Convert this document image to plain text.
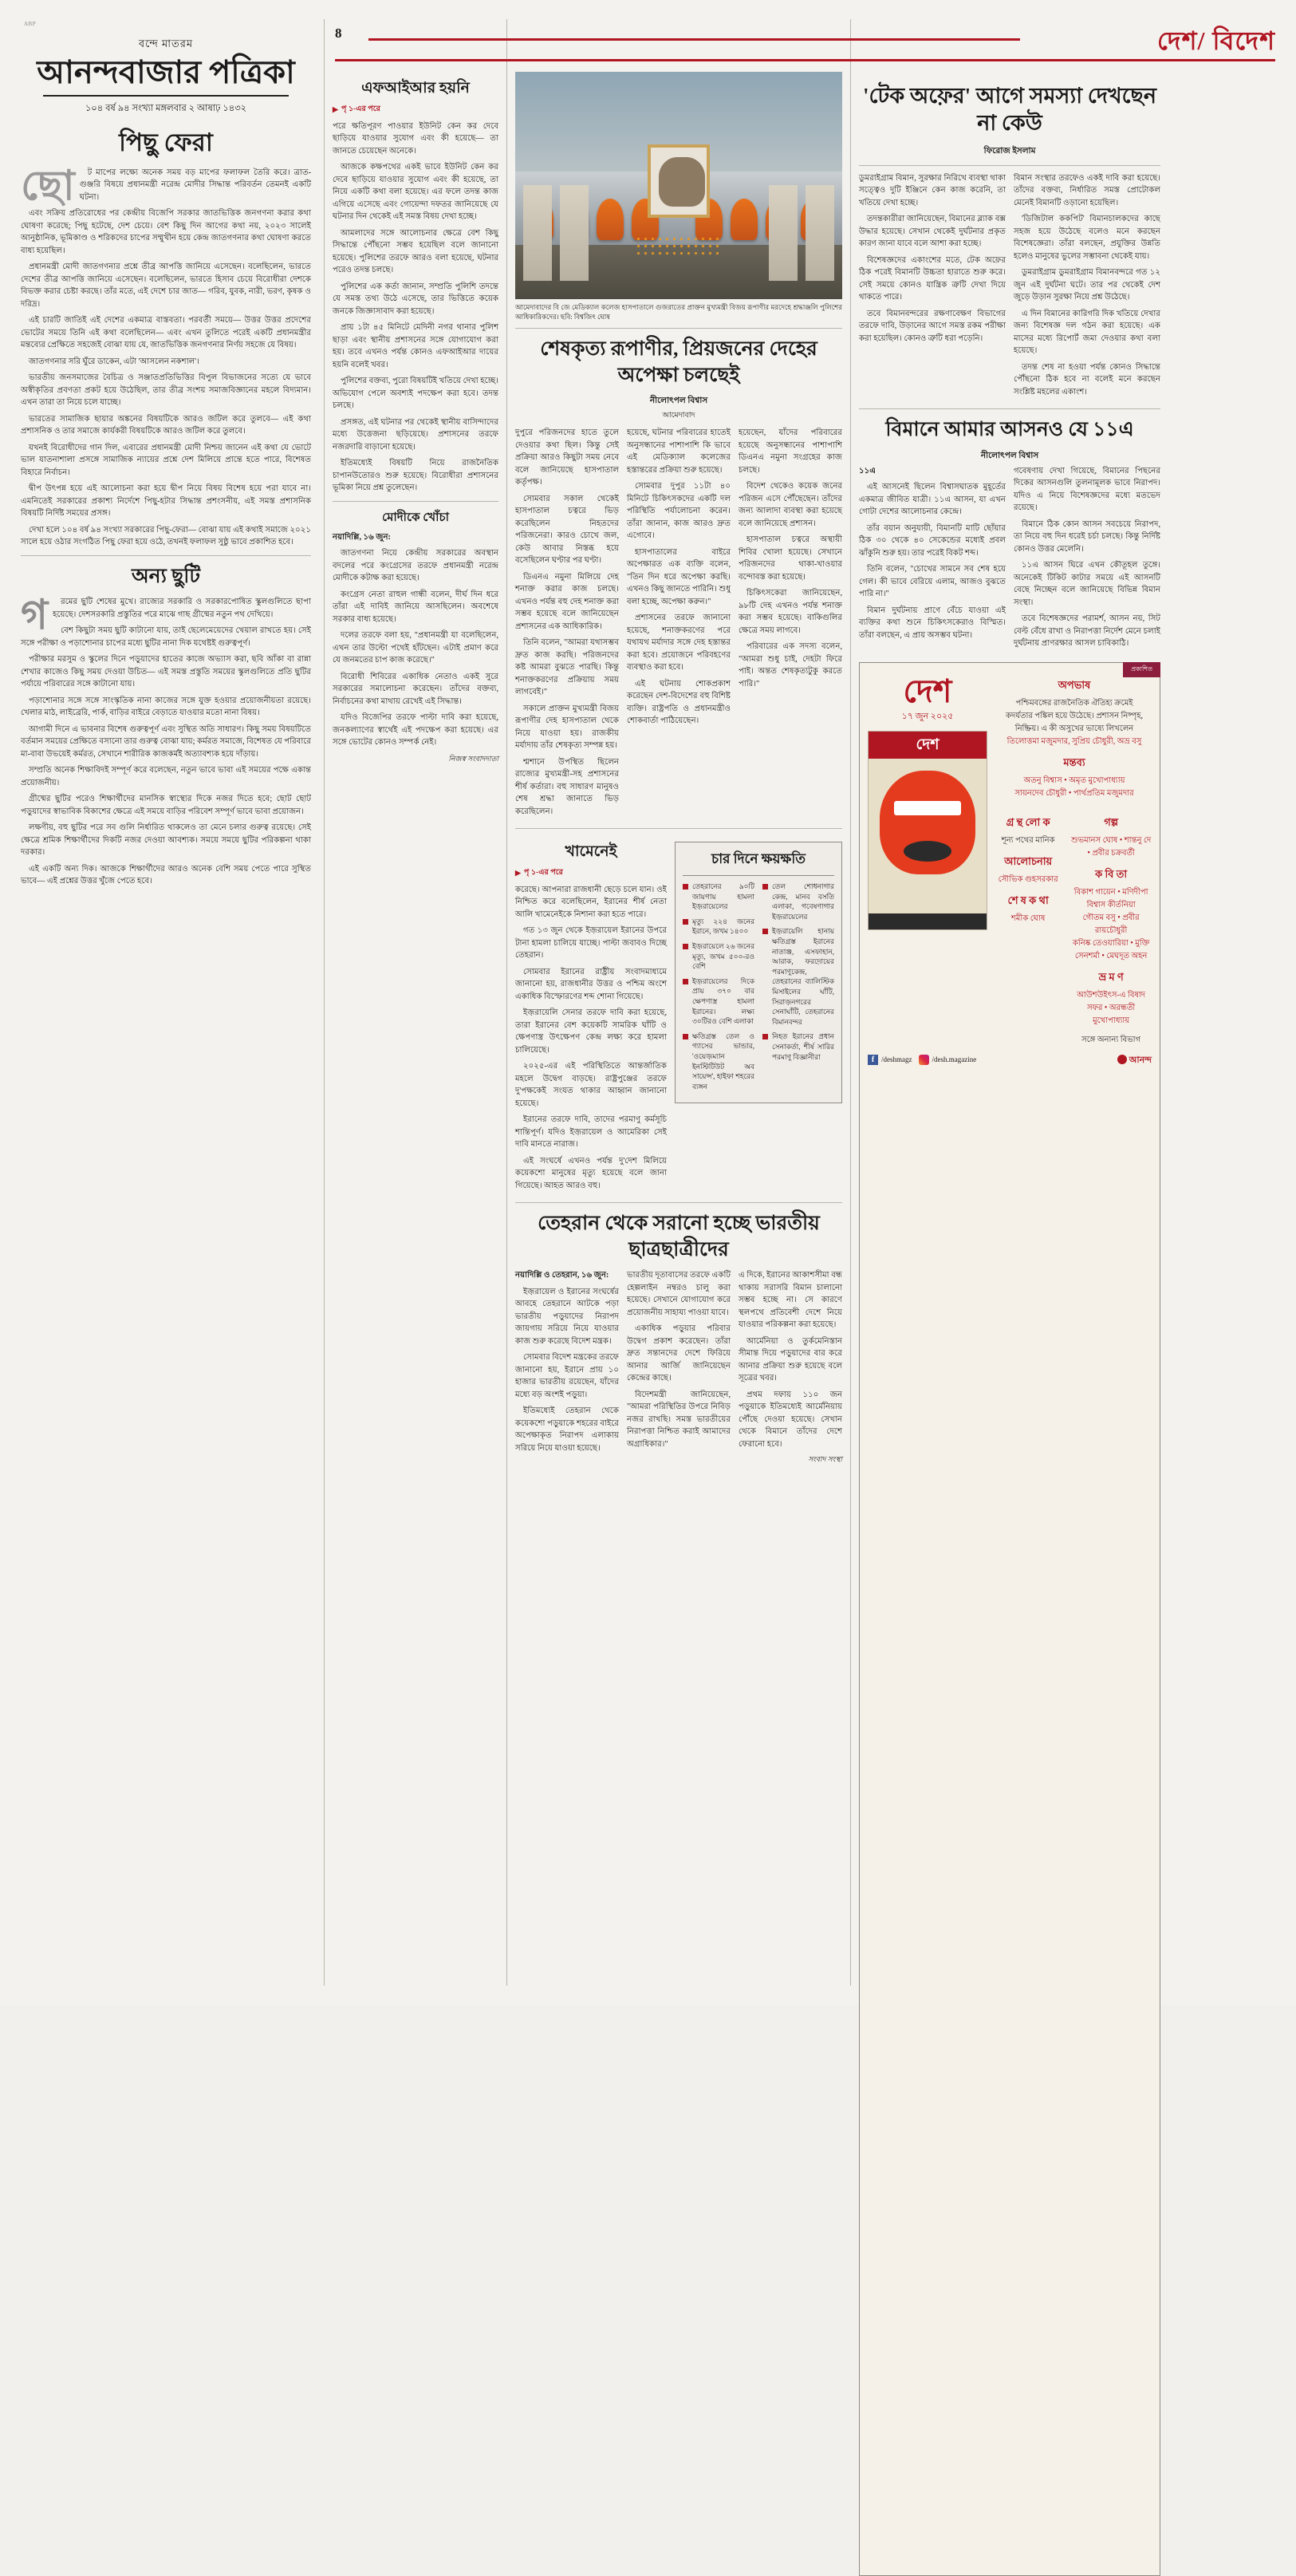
ABP
8	দেশ/ বিদেশ
বন্দে মাতরম
আনন্দবাজার পত্রিকা
১০৪ বর্ষ ৯৪ সংখ্যা মঙ্গলবার ২ আষাঢ় ১৪৩২
পিছু ফেরা
ছো	ট মাপের লক্ষ্যে অনেক সময় বড় মাপের ফলাফল তৈরি করে। ত্রাত-গুঞ্জরি বিষয়ে প্রধানমন্ত্রী নরেন্দ্র মোদীর সিদ্ধান্ত পরিবর্তন তেমনই একটি ঘটনা।

এবং সক্রিয় প্রতিরোধের পর কেন্দ্রীয় বিজেপি সরকার জাতভিত্তিক জনগণনা করার কথা ঘোষণা করেছে; পিছু হটেছে, দেশ চেয়ে। বেশ কিছু দিন আগের কথা নয়, ২০২৩ সালেই আনুষ্ঠানিক, ভূমিকাণ্ড ও শরিকদের চাপের সম্মুখীন হয়ে কেন্দ্র জাতগণনার কথা ঘোষণা করতে বাধ্য হয়েছিল।

প্রধানমন্ত্রী মোদী জাতগণনার প্রশ্নে তীব্র আপত্তি জানিয়ে এসেছেন। বলেছিলেন, ভারতে দেশের তীব্র আপত্তি জানিয়ে এসেছেন। বলেছিলেন, ভারতে হিসাব চেয়ে বিরোধীরা দেশকে বিভক্ত করার চেষ্টা করছে। তাঁর মতে, এই দেশে চার জাত— গরিব, যুবক, নারী, ভরণ, কৃষক ও দরিদ্র।

এই চারটি জাতিই এই দেশের একমাত্র বাস্তবতা। পরবর্তী সময়ে— উত্তর উত্তর প্রদেশের ভোটের সময়ে তিনি এই কথা বলেছিলেন— এবং এখন তুলিতে পরেই একটি প্রধানমন্ত্রীর মন্তব্যের প্রেক্ষিতে সহজেই বোঝা যায় যে, জাতভিত্তিক জনগণনার নির্ণয় সহজে যে বিষয়।

জাতগণনার সরি ঘুঁরে ডাকেন, এটা 'আসলেন নকশাল'।

ভারতীয় জনসমাজের বৈচিত্র ও সঞ্জাতপ্রতিভিত্তির বিপুল বিভাজনের সত্যে যে ভাবে অস্বীকৃতির প্রবণতা প্রকট হয়ে উঠেছিল, তার তীব্র সংশয় সমাজবিজ্ঞানের মহলে বিদ্যমান। এখন তারা তা নিয়ে চলে যাচ্ছে।

ভারতের সামাজিক ছায়ার অঙ্কনের বিষয়টিকে আরও জটিল করে তুলবে— এই কথা প্রশাসনিক ও তার সমাজে কার্যকরী বিষয়টিকে আরও জটিল করে তুলবে।

যখনই বিরোধীদের গান দিল, এবারের প্রধানমন্ত্রী মোদী নিশ্চয় জানেন এই কথা যে ভোটে ভাল যাতনাশালা প্রসঙ্গে সামাজিক ন্যায়ের প্রশ্নে দেশ মিলিয়ে প্রান্তে হতে পারে, বিশেষত বিহারে নির্বাচন।

দ্বীপ উৎপন্ন হয়ে এই আলোচনা করা হয়ে দ্বীপ নিয়ে বিষয় বিশেষ হয়ে পরা যাবে না। এমনিতেই সরকারের প্রকাশ্য নির্দেশে পিছু-হটার সিদ্ধান্ত প্রশংসনীয়, এই সমস্ত প্রশাসনিক বিষয়টি নির্দিষ্ট সময়ের প্রসঙ্গ।

দেখা হলে ১০৪ বর্ষ ৯৪ সংখ্যা সরকারের পিছু-ফেরা— বোঝা যায় এই কথাই সমাজে ২০২১ সালে হয়ে ওঠার সংগঠিত পিছু ফেরা হয়ে ওঠে, তখনই ফলাফল সুষ্ঠু ভাবে প্রকাশিত হবে।

অন্য ছুটি
গ	রমের ছুটি শেষের মুখে। রাজ্যের সরকারি ও সরকারপোষিত স্কুলগুলিতে ছাপা হয়েছে। দেশসরকারি প্রস্তুতির পরে মাঝে গাছ গ্রীষ্মের নতুন পথ দেখিয়ে।

বেশ কিছুটা সময় ছুটি কাটানো যায়, তাই ছেলেমেয়েদের খেয়াল রাখতে হয়। সেই সঙ্গে পরীক্ষা ও পড়াশোনার চাপের মধ্যে ছুটির নানা দিক যথেষ্টই গুরুত্বপূর্ণ।

পরীক্ষার মরসুম ও স্কুলের দিনে পড়ুয়াদের হাতের কাজে অভ্যাস করা, ছবি আঁকা বা রান্না শেখার কাজেও কিছু সময় দেওয়া উচিত— এই সমস্ত প্রস্তুতি সময়ের স্কুলগুলিতে প্রতি ছুটির পর্যায়ে পরিবারের সঙ্গে কাটানো যায়।

পড়াশোনার সঙ্গে সঙ্গে সাংস্কৃতিক নানা কাজের সঙ্গে যুক্ত হওয়ার প্রয়োজনীয়তা রয়েছে। খেলার মাঠ, লাইব্রেরি, পার্ক, বাড়ির বাইরে বেড়াতে যাওয়ার মতো নানা বিষয়।

আগামী দিনে এ ভাবনার বিশেষ গুরুত্বপূর্ণ এবং সুস্থিত অতি সাধারণ। কিছু সময় বিষয়টিতে বর্তমান সময়ের প্রেক্ষিতে বসানো তার গুরুত্ব বোঝা যায়; কর্মরত সমাজে, বিশেষত যে পরিবারে মা-বাবা উভয়েই কর্মরত, সেখানে শারীরিক কাজকর্মই অত্যাবশ্যক হয়ে দাঁড়ায়।

সম্প্রতি অনেক শিক্ষাবিদই সম্পূর্ণ করে বলেছেন, নতুন ভাবে ভাবা এই সময়ের পক্ষে একান্ত প্রয়োজনীয়।

গ্রীষ্মের ছুটির পরেও শিক্ষার্থীদের মানসিক স্বাস্থ্যের দিকে নজর দিতে হবে; ছোট ছোট পড়ুয়াদের স্বাভাবিক বিকাশের ক্ষেত্রে এই সময়ে বাড়ির পরিবেশ সম্পূর্ণ ভাবে ভাবা প্রয়োজন।

লক্ষণীয়, বহু ছুটির পরে সব গুলি নির্ধারিত থাকলেও তা মেনে চলার গুরুত্ব রয়েছে। সেই ক্ষেত্রে শ্রমিক শিক্ষার্থীদের দিকটি নজর দেওয়া আবশ্যক। সময়ে সময়ে ছুটির পরিকল্পনা থাকা দরকার।

এই একটি অন্য দিক। আজকে শিক্ষার্থীদের আরও অনেক বেশি সময় পেতে পারে সুস্থিত ভাবে— এই প্রশ্নের উত্তর খুঁজে পেতে হবে।

এফআইআর হয়নি
▶ পৃ ১-এর পরে

পরে ক্ষতিপূরণ পাওয়ার ইউনিট কেন কর দেবে ছাড়িয়ে যাওয়ার সুযোগ এবং কী হয়েছে— তা জানতে চেয়েছেন অনেকে।

আজকে কক্ষপথের একই ভাবে ইউনিট কেন কর দেবে ছাড়িয়ে যাওয়ার সুযোগ এবং কী হয়েছে, তা নিয়ে একটি কথা বলা হয়েছে। এর ফলে তদন্ত কাজ এগিয়ে এসেছে এবং গোয়েন্দা দফতর জানিয়েছে যে ঘটনার দিন থেকেই এই সমস্ত বিষয় দেখা হচ্ছে।

আমলাদের সঙ্গে আলোচনার ক্ষেত্রে বেশ কিছু সিদ্ধান্তে পৌঁছনো সম্ভব হয়েছিল বলে জানানো হয়েছে। পুলিশের তরফে আরও বলা হয়েছে, ঘটনার পরেও তদন্ত চলছে।

পুলিশের এক কর্তা জানান, সম্প্রতি পুলিশি তদন্তে যে সমস্ত তথ্য উঠে এসেছে, তার ভিত্তিতে কয়েক জনকে জিজ্ঞাসাবাদ করা হয়েছে।

প্রায় ১টা ৪৫ মিনিটে মেদিনী নগর থানার পুলিশ ছাড়া এবং স্থানীয় প্রশাসনের সঙ্গে যোগাযোগ করা হয়। তবে এখনও পর্যন্ত কোনও এফআইআর দায়ের হয়নি বলেই খবর।

পুলিশের বক্তব্য, পুরো বিষয়টিই খতিয়ে দেখা হচ্ছে। অভিযোগ পেলে অবশ্যই পদক্ষেপ করা হবে। তদন্ত চলছে।

প্রসঙ্গত, এই ঘটনার পর থেকেই স্থানীয় বাসিন্দাদের মধ্যে উত্তেজনা ছড়িয়েছে। প্রশাসনের তরফে নজরদারি বাড়ানো হয়েছে।

ইতিমধ্যেই বিষয়টি নিয়ে রাজনৈতিক চাপানউতোরও শুরু হয়েছে। বিরোধীরা প্রশাসনের ভূমিকা নিয়ে প্রশ্ন তুলেছেন।

মোদীকে খোঁচা

নয়াদিল্লি, ১৬ জুন:

জাতগণনা নিয়ে কেন্দ্রীয় সরকারের অবস্থান বদলের পরে কংগ্রেসের তরফে প্রধানমন্ত্রী নরেন্দ্র মোদীকে কটাক্ষ করা হয়েছে।

কংগ্রেস নেতা রাহুল গান্ধী বলেন, দীর্ঘ দিন ধরে তাঁরা এই দাবিই জানিয়ে আসছিলেন। অবশেষে সরকার বাধ্য হয়েছে।

দলের তরফে বলা হয়, "প্রধানমন্ত্রী যা বলেছিলেন, এখন তার উল্টো পথেই হাঁটছেন। এটাই প্রমাণ করে যে জনমতের চাপ কাজ করেছে।"

বিরোধী শিবিরের একাধিক নেতাও একই সুরে সরকারের সমালোচনা করেছেন। তাঁদের বক্তব্য, নির্বাচনের কথা মাথায় রেখেই এই সিদ্ধান্ত।

যদিও বিজেপির তরফে পাল্টা দাবি করা হয়েছে, জনকল্যাণের স্বার্থেই এই পদক্ষেপ করা হয়েছে। এর সঙ্গে ভোটের কোনও সম্পর্ক নেই।

নিজস্ব সংবাদদাতা
আমেদাবাদের বি জে মেডিক্যাল কলেজ হাসপাতালে গুজরাতের প্রাক্তন মুখ্যমন্ত্রী বিজয় রূপাণীর মরদেহে শ্রদ্ধাঞ্জলি পুলিশের আধিকারিকদের। ছবি: বিশ্বজিৎ ঘোষ
শেষকৃত্য রূপাণীর, প্রিয়জনের দেহের অপেক্ষা চলছেই
নীলোৎপল বিশ্বাস
আমেদাবাদ

দুপুরে পরিজনদের হাতে তুলে দেওয়ার কথা ছিল। কিন্তু সেই প্রক্রিয়া আরও কিছুটা সময় নেবে বলে জানিয়েছে হাসপাতাল কর্তৃপক্ষ।

সোমবার সকাল থেকেই হাসপাতাল চত্বরে ভিড় করেছিলেন নিহতদের পরিজনেরা। কারও চোখে জল, কেউ আবার নিস্তব্ধ হয়ে বসেছিলেন ঘণ্টার পর ঘণ্টা।

ডিএনএ নমুনা মিলিয়ে দেহ শনাক্ত করার কাজ চলছে। এখনও পর্যন্ত বহু দেহ শনাক্ত করা সম্ভব হয়েছে বলে জানিয়েছেন প্রশাসনের এক আধিকারিক।

তিনি বলেন, "আমরা যথাসম্ভব দ্রুত কাজ করছি। পরিজনদের কষ্ট আমরা বুঝতে পারছি। কিন্তু শনাক্তকরণের প্রক্রিয়ায় সময় লাগবেই।"

সকালে প্রাক্তন মুখ্যমন্ত্রী বিজয় রূপাণীর দেহ হাসপাতাল থেকে নিয়ে যাওয়া হয়। রাজকীয় মর্যাদায় তাঁর শেষকৃত্য সম্পন্ন হয়।

শ্মশানে উপস্থিত ছিলেন রাজ্যের মুখ্যমন্ত্রী-সহ প্রশাসনের শীর্ষ কর্তারা। বহু সাধারণ মানুষও শেষ শ্রদ্ধা জানাতে ভিড় করেছিলেন।

হয়েছে, ঘটনার পরিবারের হাতেই অনুসন্ধানের পাশাপাশি কি ভাবে এই মেডিক্যাল কলেজের হস্তান্তরের প্রক্রিয়া শুরু হয়েছে।

সোমবার দুপুর ১১টা ৪০ মিনিটে চিকিৎসকদের একটি দল পরিস্থিতি পর্যালোচনা করেন। তাঁরা জানান, কাজ আরও দ্রুত এগোবে।

হাসপাতালের বাইরে অপেক্ষারত এক ব্যক্তি বলেন, "তিন দিন ধরে অপেক্ষা করছি। এখনও কিছু জানতে পারিনি। শুধু বলা হচ্ছে, অপেক্ষা করুন।"

প্রশাসনের তরফে জানানো হয়েছে, শনাক্তকরণের পরে যথাযথ মর্যাদার সঙ্গে দেহ হস্তান্তর করা হবে। প্রয়োজনে পরিবহণের ব্যবস্থাও করা হবে।

এই ঘটনায় শোকপ্রকাশ করেছেন দেশ-বিদেশের বহু বিশিষ্ট ব্যক্তি। রাষ্ট্রপতি ও প্রধানমন্ত্রীও শোকবার্তা পাঠিয়েছেন।

হয়েছেন, যাঁদের পরিবারের হয়েছে অনুসন্ধানের পাশাপাশি ডিএনএ নমুনা সংগ্রহের কাজ চলছে।

বিদেশ থেকেও কয়েক জনের পরিজন এসে পৌঁছেছেন। তাঁদের জন্য আলাদা ব্যবস্থা করা হয়েছে বলে জানিয়েছে প্রশাসন।

হাসপাতাল চত্বরে অস্থায়ী শিবির খোলা হয়েছে। সেখানে পরিজনদের থাকা-খাওয়ার বন্দোবস্ত করা হয়েছে।

চিকিৎসকেরা জানিয়েছেন, ৯৮টি দেহ এখনও পর্যন্ত শনাক্ত করা সম্ভব হয়েছে। বাকিগুলির ক্ষেত্রে সময় লাগবে।

পরিবারের এক সদস্য বলেন, "আমরা শুধু চাই, দেহটা ফিরে পাই। অন্তত শেষকৃত্যটুকু করতে পারি।"

খামেনেই
▶ পৃ ১-এর পরে

করেছে। আপনারা রাজধানী ছেড়ে চলে যান। ওই নিশ্চিত করে বলেছিলেন, ইরানের শীর্ষ নেতা আলি খামেনেইকে নিশানা করা হতে পারে।

গত ১৩ জুন থেকে ইজ়রায়েল ইরানের উপরে টানা হামলা চালিয়ে যাচ্ছে। পাল্টা জবাবও দিচ্ছে তেহরান।

সোমবার ইরানের রাষ্ট্রীয় সংবাদমাধ্যমে জানানো হয়, রাজধানীর উত্তর ও পশ্চিম অংশে একাধিক বিস্ফোরণের শব্দ শোনা গিয়েছে।

ইজ়রায়েলি সেনার তরফে দাবি করা হয়েছে, তারা ইরানের বেশ কয়েকটি সামরিক ঘাঁটি ও ক্ষেপণাস্ত্র উৎক্ষেপণ কেন্দ্র লক্ষ্য করে হামলা চালিয়েছে।

২০২৫-এর এই পরিস্থিতিতে আন্তর্জাতিক মহলে উদ্বেগ বাড়ছে। রাষ্ট্রপুঞ্জের তরফে দু'পক্ষকেই সংযত থাকার আহ্বান জানানো হয়েছে।

ইরানের তরফে দাবি, তাদের পরমাণু কর্মসূচি শান্তিপূর্ণ। যদিও ইজ়রায়েল ও আমেরিকা সেই দাবি মানতে নারাজ।

এই সংঘর্ষে এখনও পর্যন্ত দু'দেশ মিলিয়ে কয়েকশো মানুষের মৃত্যু হয়েছে বলে জানা গিয়েছে। আহত আরও বহু।

চার দিনে ক্ষয়ক্ষতি
তেহরানের ৯০টি জায়গায় হামলা ইজ়রায়েলের
মৃত্যু ২২৪ জনের ইরানে, জখম ১৪০০
ইজ়রায়েলে ২৬ জনের মৃত্যু, জখম ৫০০-রও বেশি
ইজ়রায়েলের দিকে প্রায় ৩৭০ বার ক্ষেপণাস্ত্র হামলা ইরানের। লক্ষ্য ৩০টিরও বেশি এলাকা
ক্ষতিগ্রস্ত তেল ও গ্যাসের ভান্ডার, 'ওয়েজ়ম্যান ইনস্টিটিউট অব সায়েন্স', হাইফা শহরের ব্যঙ্গন
তেল শোধনাগার কেন্দ্র, মানব বসতি এলাকা, গবেষণাগার ইজ়রায়েলের
ইজ়রায়েলি হানায় ক্ষতিগ্রস্ত ইরানের নাতাঞ্জ, এসফাহান, আরাক, ফরদ়োয়ের পরমাণুকেন্দ্র, তেহরানের ব্যালিস্টিক মিসাইলের ঘাঁটি, সিরাজ়নগরের সেনাঘাঁটি, তেহরানের বিমানবন্দর
নিহত ইরানের প্রধান সেনাকর্তা, শীর্ষ সারির পরমাণু বিজ্ঞানীরা
তেহরান থেকে সরানো হচ্ছে ভারতীয় ছাত্রছাত্রীদের

নয়াদিল্লি ও তেহরান, ১৬ জুন:

ইজ়রায়েল ও ইরানের সংঘর্ষের আবহে তেহরানে আটকে পড়া ভারতীয় পড়ুয়াদের নিরাপদ জায়গায় সরিয়ে নিয়ে যাওয়ার কাজ শুরু করেছে বিদেশ মন্ত্রক।

সোমবার বিদেশ মন্ত্রকের তরফে জানানো হয়, ইরানে প্রায় ১০ হাজার ভারতীয় রয়েছেন, যাঁদের মধ্যে বড় অংশই পড়ুয়া।

ইতিমধ্যেই তেহরান থেকে কয়েকশো পড়ুয়াকে শহরের বাইরে অপেক্ষাকৃত নিরাপদ এলাকায় সরিয়ে নিয়ে যাওয়া হয়েছে।

ভারতীয় দূতাবাসের তরফে একটি হেল্পলাইন নম্বরও চালু করা হয়েছে। সেখানে যোগাযোগ করে প্রয়োজনীয় সাহায্য পাওয়া যাবে।

একাধিক পড়ুয়ার পরিবার উদ্বেগ প্রকাশ করেছেন। তাঁরা দ্রুত সন্তানদের দেশে ফিরিয়ে আনার আর্জি জানিয়েছেন কেন্দ্রের কাছে।

বিদেশমন্ত্রী জানিয়েছেন, "আমরা পরিস্থিতির উপরে নিবিড় নজর রাখছি। সমস্ত ভারতীয়ের নিরাপত্তা নিশ্চিত করাই আমাদের অগ্রাধিকার।"

এ দিকে, ইরানের আকাশসীমা বন্ধ থাকায় সরাসরি বিমান চালানো সম্ভব হচ্ছে না। সে কারণে স্থলপথে প্রতিবেশী দেশে নিয়ে যাওয়ার পরিকল্পনা করা হয়েছে।

আর্মেনিয়া ও তুর্কমেনিস্তান সীমান্ত দিয়ে পড়ুয়াদের বার করে আনার প্রক্রিয়া শুরু হয়েছে বলে সূত্রের খবর।

প্রথম দফায় ১১০ জন পড়ুয়াকে ইতিমধ্যেই আর্মেনিয়ায় পৌঁছে দেওয়া হয়েছে। সেখান থেকে বিমানে তাঁদের দেশে ফেরানো হবে।

সংবাদ সংস্থা
'টেক অফ়ের' আগে সমস্যা দেখছেন না কেউ
ফিরোজ ইসলাম

ডুমরাইগ্রাম বিমান, সুরক্ষার নিরিখে ব্যবস্থা থাকা সত্ত্বেও দুটি ইঞ্জিনে কেন কাজ করেনি, তা খতিয়ে দেখা হচ্ছে।

তদন্তকারীরা জানিয়েছেন, বিমানের ব্ল্যাক বক্স উদ্ধার হয়েছে। সেখান থেকেই দুর্ঘটনার প্রকৃত কারণ জানা যাবে বলে আশা করা হচ্ছে।

বিশেষজ্ঞদের একাংশের মতে, টেক অফ়ের ঠিক পরেই বিমানটি উচ্চতা হারাতে শুরু করে। সেই সময়ে কোনও যান্ত্রিক ত্রুটি দেখা দিয়ে থাকতে পারে।

তবে বিমানবন্দরের রক্ষণাবেক্ষণ বিভাগের তরফে দাবি, উড়ানের আগে সমস্ত রকম পরীক্ষা করা হয়েছিল। কোনও ত্রুটি ধরা পড়েনি।

বিমান সংস্থার তরফেও একই দাবি করা হয়েছে। তাঁদের বক্তব্য, নির্ধারিত সমস্ত প্রোটোকল মেনেই বিমানটি ওড়ানো হয়েছিল।

'ডিজিটাল ককপিট' বিমানচালকদের কাছে সহজ হয়ে উঠেছে বলেও মনে করছেন বিশেষজ্ঞেরা। তাঁরা বলছেন, প্রযুক্তির উন্নতি হলেও মানুষের ভুলের সম্ভাবনা থেকেই যায়।

ডুমরাইগ্রাম ডুমরাইগ্রাম বিমানবন্দরে গত ১২ জুন এই দুর্ঘটনা ঘটে। তার পর থেকেই দেশ জুড়ে উড়ান সুরক্ষা নিয়ে প্রশ্ন উঠেছে।

এ দিন বিমানের কারিগরি দিক খতিয়ে দেখার জন্য বিশেষজ্ঞ দল গঠন করা হয়েছে। এক মাসের মধ্যে রিপোর্ট জমা দেওয়ার কথা বলা হয়েছে।

তদন্ত শেষ না হওয়া পর্যন্ত কোনও সিদ্ধান্তে পৌঁছনো ঠিক হবে না বলেই মনে করছেন সংশ্লিষ্ট মহলের একাংশ।

বিমানে আমার আসনও যে ১১এ
নীলোৎপল বিশ্বাস

১১এ

এই আসনেই ছিলেন বিশ্বাসঘাতক মুহূর্তের একমাত্র জীবিত যাত্রী। ১১এ আসন, যা এখন গোটা দেশের আলোচনার কেন্দ্রে।

তাঁর বয়ান অনুযায়ী, বিমানটি মাটি ছোঁয়ার ঠিক ৩০ থেকে ৪০ সেকেন্ডের মধ্যেই প্রবল ঝাঁকুনি শুরু হয়। তার পরেই বিকট শব্দ।

তিনি বলেন, "চোখের সামনে সব শেষ হয়ে গেল। কী ভাবে বেরিয়ে এলাম, আজও বুঝতে পারি না।"

বিমান দুর্ঘটনায় প্রাণে বেঁচে যাওয়া এই ব্যক্তির কথা শুনে চিকিৎসকেরাও বিস্মিত। তাঁরা বলছেন, এ প্রায় অসম্ভব ঘটনা।

গবেষণায় দেখা গিয়েছে, বিমানের পিছনের দিকের আসনগুলি তুলনামূলক ভাবে নিরাপদ। যদিও এ নিয়ে বিশেষজ্ঞদের মধ্যে মতভেদ রয়েছে।

বিমানে ঠিক কোন আসন সবচেয়ে নিরাপদ, তা নিয়ে বহু দিন ধরেই চর্চা চলছে। কিন্তু নির্দিষ্ট কোনও উত্তর মেলেনি।

১১এ আসন ঘিরে এখন কৌতূহল তুঙ্গে। অনেকেই টিকিট কাটার সময়ে এই আসনটি বেছে নিচ্ছেন বলে জানিয়েছে বিভিন্ন বিমান সংস্থা।

তবে বিশেষজ্ঞদের পরামর্শ, আসন নয়, সিট বেল্ট বেঁধে রাখা ও নিরাপত্তা নির্দেশ মেনে চলাই দুর্ঘটনায় প্রাণরক্ষার আসল চাবিকাঠি।

প্রকাশিত
দেশ
১৭ জুন ২০২৫
দেশ
অপভাষ
পশ্চিমবঙ্গের রাজনৈতিক ঐতিহ্য ক্রমেই
কদর্যতার পঙ্কিল হয়ে উঠেছে। প্রশাসন নিষ্পৃহ,
নিষ্ক্রিয়। এ কী অসুখের ভাষ্যে লিখলেন
তিলোত্তমা মজুমদার, সুপ্রিয় চৌধুরী, অভ্র বসু
মন্তব্য
অতনু বিশ্বাস • অমৃত মুখোপাধ্যায়
সায়নদেব চৌধুরী • পার্থপ্রতিম মজুমদার
গ্ৰ ন্থ লো ক
শূন্য পথের মানিক
আলোচনায়
সৌভিক গুহসরকার
শে ষ ক থা
শমীক ঘোষ
গল্প
শুভমানস ঘোষ • শান্তনু দে • প্রবীর চক্রবর্তী
ক বি তা
বিকাশ গায়েন • মণিদীপা বিশ্বাস কীর্তনিয়া
গৌতম বসু • প্রবীর রায়চৌধুরী
কনিষ্ক তেওয়ারিয়া • মুক্তি সেনশর্মা • মেঘদূত অহন
ভ্র ম ণ
আউশউইৎস-এ বিষাদ সফর • অরন্ধতী মুখোপাধ্যায়
সঙ্গে অনান্য বিভাগ
f /deshmagz	/desh.magazine	আনন্দ
